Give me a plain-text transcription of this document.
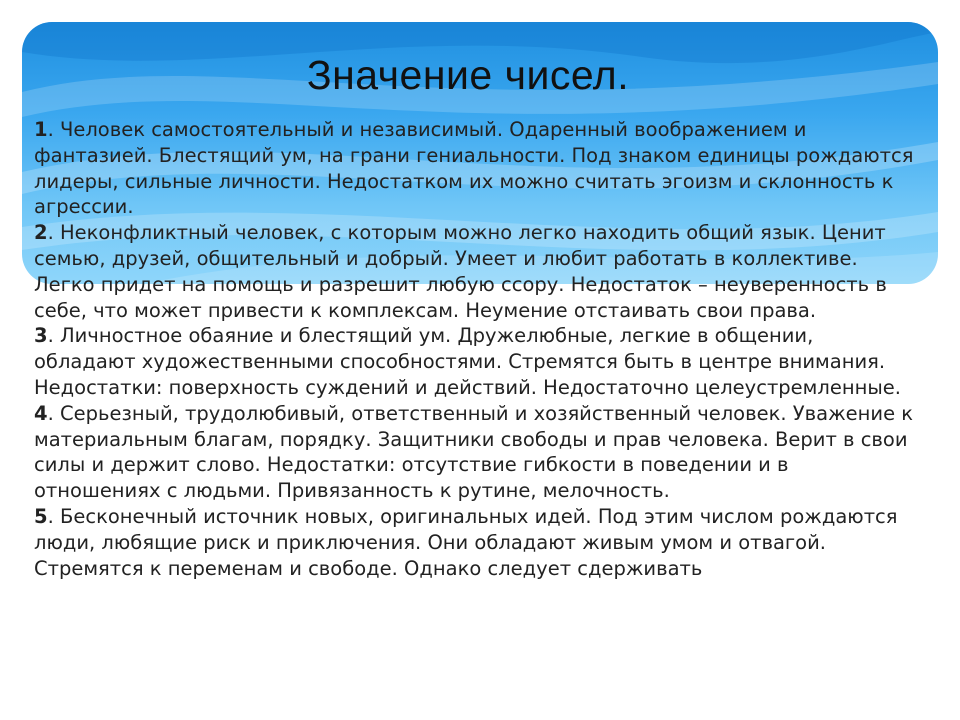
Значение чисел.

1. Человек самостоятельный и независимый. Одаренный воображением и фантазией. Блестящий ум, на грани гениальности. Под знаком единицы рождаются лидеры, сильные личности. Недостатком их можно считать эгоизм и склонность к агрессии.

2. Неконфликтный человек, с которым можно легко находить общий язык. Ценит семью, друзей, общительный и добрый. Умеет и любит работать в коллективе. Легко придет на помощь и разрешит любую ссору. Недостаток – неуверенность в себе, что может привести к комплексам. Неумение отстаивать свои права.

3. Личностное обаяние и блестящий ум. Дружелюбные, легкие в общении, обладают художественными способностями. Стремятся быть в центре внимания. Недостатки: поверхность суждений и действий. Недостаточно целеустремленные.

4. Серьезный, трудолюбивый, ответственный и хозяйственный человек. Уважение к материальным благам, порядку. Защитники свободы и прав человека. Верит в свои силы и держит слово. Недостатки: отсутствие гибкости в поведении и в отношениях с людьми. Привязанность к рутине, мелочность.

5. Бесконечный источник новых, оригинальных идей. Под этим числом рождаются люди, любящие риск и приключения. Они обладают живым умом и отвагой. Стремятся к переменам и свободе. Однако следует сдерживать
